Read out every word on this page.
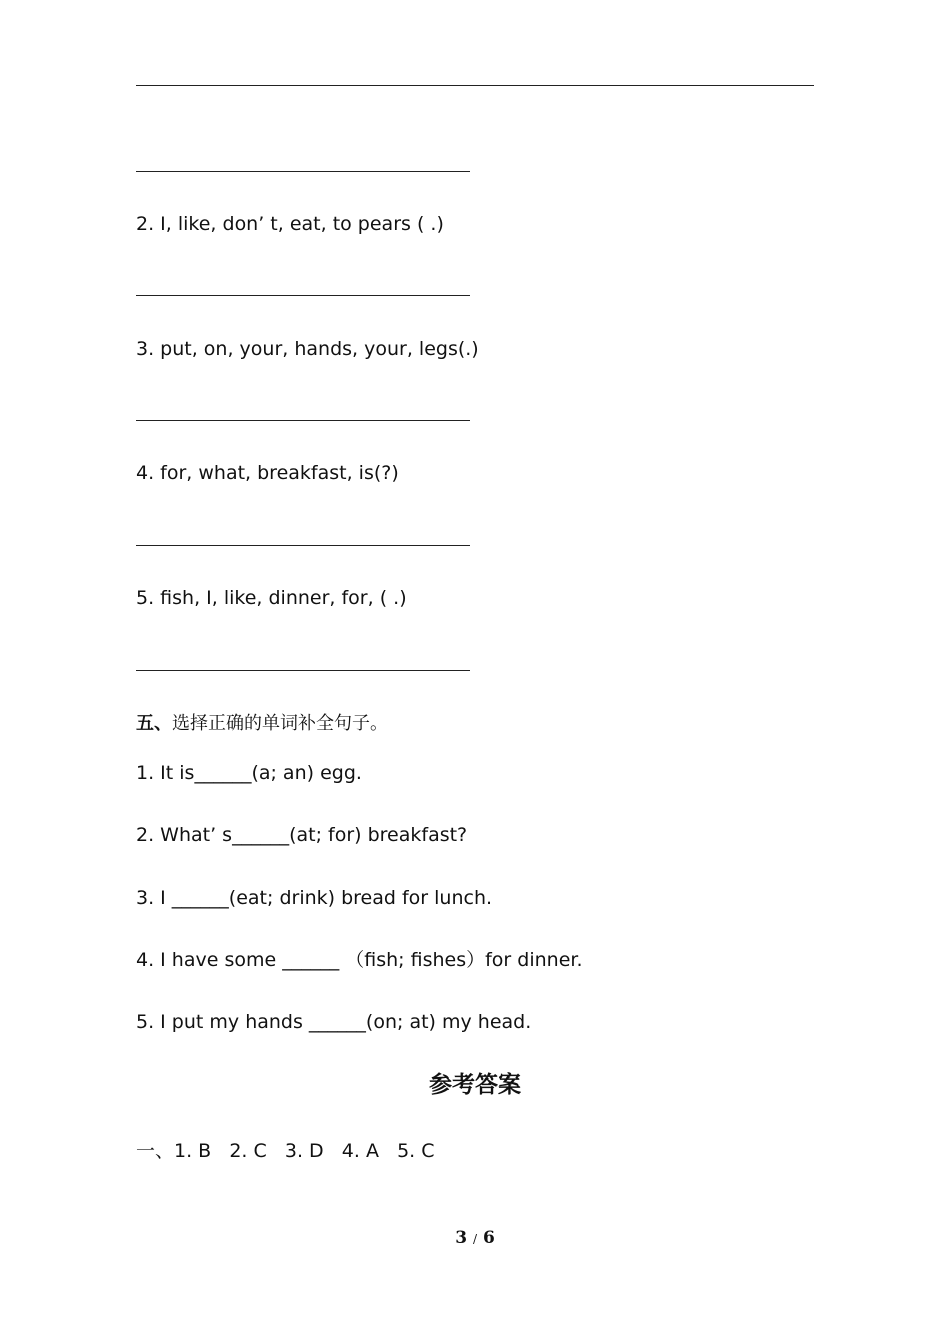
2. I, like, don’ t, eat, to pears ( .)
3. put, on, your, hands, your, legs(.)
4. for, what, breakfast, is(?)
5. fish, I, like, dinner, for, ( .)
五、选择正确的单词补全句子。
1. It is______(a; an) egg.
2. What’ s______(at; for) breakfast?
3. I ______(eat; drink) bread for lunch.
4. I have some ______ （fish; fishes）for dinner.
5. I put my hands ______(on; at) my head.
参考答案
一、1. B   2. C   3. D   4. A   5. C
3 / 6
